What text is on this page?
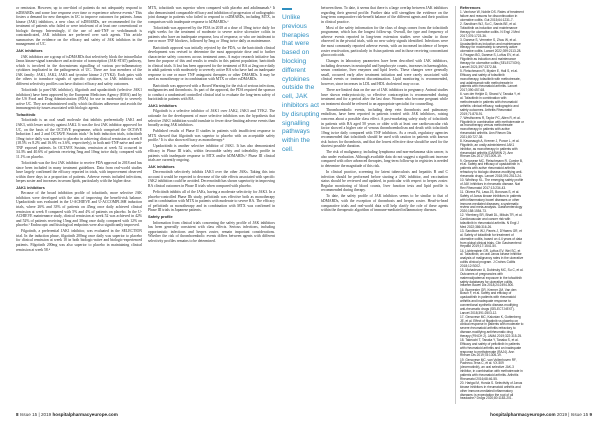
or remission. However, up to one-third of patients do not adequately respond to tsDMARDs and some lose response over time or experience adverse events.¹ This fosters a demand for new therapies in UC to improve outcomes for patients. Janus kinase (JAK) inhibitors, a new class of tsDMARDs, are recommended for the treatment of patients who failed or were intolerant of at least one conventional or biologic therapy. Interestingly, if the use of anti-TNF or vedolizumab is contraindicated, JAK inhibitors are preferred over such agents. This article summarises the evidence on the efficacy and safety of JAK inhibitors in the management of UC.

JAK inhibitors

JAK inhibitors are a group of tsDMARDs that selectively block the intracellular Janus kinase-signal transducer and activator of transcription (JAK-STAT) pathway, which is involved in the downstream signalling of various pro-inflammatory cytokines implicated in the pathogenesis of UC. There are four members of the JAK family: JAK1, JAK2, JAK3 and tyrosine kinase 2 (TYK2). Each pairs with the others to transduce signals of specific cytokines, so JAK inhibitors with different selectivity profiles can have distinct efficacy and safety outcomes.

Tofacitinib (a pan-JAK inhibitor), filgotinib and upadacitinib (selective JAK1 inhibitors) have been approved by the European Medicines Agency (EMA) and by the US Food and Drug Administration (FDA) for use in moderately to severely active UC. They are administered orally, which facilitates adherence and avoids the immunogenicity issues associated with biologic agents.

Tofacitinib

Tofacitinib is an oral small molecule that inhibits preferentially JAK1 and JAK3, with lesser activity against JAK2. It was the first JAK inhibitor approved for UC, on the basis of the OCTAVE programme, which comprised the OCTAVE Induction 1 and 2 and OCTAVE Sustain trials.² In both induction trials, tofacitinib 10mg twice daily was superior to placebo in achieving clinical remission at week 8 (18.5% vs 8.2% and 16.6% vs 3.6%, respectively), in both anti-TNF naïve and anti-TNF exposed patients. In OCTAVE Sustain, remission at week 52 occurred in 34.3% and 40.6% of patients receiving 5mg and 10mg twice daily, compared with 11.1% on placebo.

Tofacitinib was the first JAK inhibitor to receive FDA approval in 2018 and has since been included in many treatment guidelines. Data from real-world studies have largely confirmed the efficacy reported in trials, with improvement observed within three days in a proportion of patients. Adverse events included infections, herpes zoster and increases in serum lipids, particularly with the higher dose.

JAK1 inhibitors

Because of the broad inhibition profile of tofacitinib, more selective JAK inhibitors were developed with the aim of improving the benefit-risk balance. Upadacitinib was evaluated in the U-ACHIEVE and U-ACCOMPLISH induction trials, where 26% and 33% of patients on 45mg once daily achieved clinical remission at week 8 compared with 5% and 4% of patients on placebo. In the U-ACHIEVE maintenance study, clinical remission at week 52 was achieved in 42% and 52% of patients receiving 15mg and 30mg once daily, compared with 12% on placebo.³ Endoscopic and histological endpoints were also significantly improved.

Filgotinib, a preferential JAK1 inhibitor, was evaluated in the SELECTION trial. In the induction phase, filgotinib 200mg once daily was superior to placebo for clinical remission at week 10 in both biologic-naïve and biologic-experienced patients. Filgotinib 200mg was also superior to placebo in maintaining clinical remission at week 58.⁴

MTX, tofacitinib was superior when compared with placebo and adalimumab.⁵ It also demonstrated comparable efficacy and inhibition of progression of radiographic joint damage in patients who failed to respond to csDMARDs, including MTX, in comparison with inadequate response to bDMARDs.⁶

Tofacitinib was approved by the FDA in 2018 at a dose of 10mg twice daily for eight weeks for the treatment of moderate to severe active ulcerative colitis in patients who have an inadequate response, loss of response, or who are intolerant to one or more TNF blockers, followed by 5mg or 10mg twice daily as maintenance.

Baricitinib approval was initially rejected by the FDA, so the baricitinib clinical development was revised to determine the most appropriate dose and to further characterise safety concerns across treatment arms. A major research initiative has been the purpose of this and results to results in this patient population; baricitinib in clinical trials. It lost has been approved for the treatment of RA at 2mg once daily in adult patients with moderately to severely active RA who have had an inadequate response to one or more TNF antagonist therapies or other DMARDs. It may be used as monotherapy or in combination with MTX or other csDMARDs.

Baricitinib was approved with a Boxed Warning for the risk of serious infections, malignancies and thrombosis. As part of the approval, the FDA required the sponsor to conduct a randomised controlled clinical trial to evaluate the long-term safety of baricitinib in patients with RA.

JAK1 inhibitors

Filgotinib is a selective inhibitor of JAK1 over JAK2, JAK3 and TYK2. The rationale for the development of more selective inhibitors was the hypothesis that selective JAK1 inhibition would translate to fewer dose-limiting adverse events than broadly acting JAK inhibitors.

Published results of Phase II studies in patients with insufficient response to MTX showed that filgotinib was superior to placebo with an acceptable safety profile.⁷ It is also shown efficacy as monotherapy.⁸

Upadacitinib is another selective inhibitor of JAK1. It has also demonstrated efficacy in Phase III trials, within favourable safety and tolerability profile in patients with inadequate response to MTX and/or bDMARDs.⁹ Phase III clinical trials are currently ongoing.

JAK inhibitors

Decernotinib selectively inhibits JAK3 over the other JAKs. Taking this into account it would be expected to decrease of the side effects associated with specific JAK2 inhibition could be avoided. Decernotinib has shown superiority in improving RA clinical outcomes in Phase II trials when compared with placebo.

Peficitinib inhibits all of the JAKs, having a moderate selectivity for JAK3. In a placebo-controlled Phase IIb study, peficitinib was effective both as monotherapy and in combination with MTX in patients with moderate to severe RA. The efficacy of peficitinib as monotherapy and in combination with MTX was confirmed in Phase III trials in Japanese patients.

Safety profile

Information from clinical trials concerning the safety profile of JAK inhibitors has been generally consistent with class effects. Serious infections, including opportunistic infections and herpes zoster, remain important considerations. Whether the risk of thromboembolic events differs between agents with different selectivity profiles remains to be determined.

Unlike previous therapies that were based on blocking different cytokines outside the cell, JAK inhibitors act by disrupting signalling pathways within the cell.

between them. To date, it seems that there is a large overlap between JAK inhibitors regarding their general profile. Further data will strengthen the evidence on the long-term comparative risk-benefit balance of the different agents and their position in clinical practice.

Most of the safety information for the class of drugs comes from the tofacitinib programme, which has the longest follow-up. Overall, the type and frequency of adverse events reported in long-term extension studies were similar to those observed in the pivotal trials, with no new safety signals identified. Infections were the most commonly reported adverse events, with an increased incidence of herpes zoster reactivation, particularly in Asian patients and in those receiving concomitant glucocorticoids.

Changes in laboratory parameters have been described with JAK inhibitors, including decreases in neutrophil and lymphocyte counts, increases in haemoglobin, serum creatinine, liver enzymes and lipid levels. These changes were generally small, occurred early after treatment initiation and were rarely associated with clinical events or treatment discontinuation. Lipid monitoring is recommended, however, since increases in LDL and HDL cholesterol may occur.

There are limited data on the use of JAK inhibitors in pregnancy. Animal studies have shown embryotoxicity, so effective contraception is recommended during treatment and for a period after the last dose. Women who become pregnant while on treatment should be referred to an appropriate specialist for counselling.

Thromboembolic events, including deep vein thrombosis and pulmonary embolism, have been reported in patients treated with JAK inhibitors, raising concerns about a possible class effect. A post-marketing safety study of tofacitinib in patients with RA aged 50 years or older with at least one cardiovascular risk factor showed a higher rate of venous thromboembolism and death with tofacitinib 10mg twice daily compared with TNF inhibitors. As a result, regulatory agencies recommended that tofacitinib should be used with caution in patients with known risk factors for thrombosis, and that the lowest effective dose should be used for the shortest possible duration.

The risk of malignancy, including lymphoma and non-melanoma skin cancer, is also under evaluation. Although available data do not suggest a significant increase compared with other advanced therapies, long-term follow-up in registries is needed to determine the magnitude of this risk.

In clinical practice, screening for latent tuberculosis and hepatitis B and C infection should be performed before starting a JAK inhibitor, and vaccination status should be reviewed and updated, in particular with respect to herpes zoster. Regular monitoring of blood counts, liver function tests and lipid profile is recommended during therapy.

To date, the safety profile of JAK inhibitors seems to be similar to that of bDMARDs, with the exception of thrombosis and herpes zoster. Head-to-head comparative trials and real-world data will help clarify the role of these agents within the therapeutic algorithm of immune-mediated inflammatory diseases.

References
1. Vanhove W, Nobile DS. Rates of treatment failure and reasons for discontinuation in ulcerative colitis. Gut 2015;64:1231-7.
2. Sandborn WJ, Su C, Sands BE, et al. Tofacitinib as induction and maintenance therapy for ulcerative colitis. N Engl J Med 2017;376:1723-36.
3. Danese S, Vermeire S, Zhou W, et al. Upadacitinib as induction and maintenance therapy for moderately to severely active ulcerative colitis. Lancet 2022;399:2113-28.
4. Feagan BG, Danese S, Loftus EV, et al. Filgotinib as induction and maintenance therapy for ulcerative colitis (SELECTION). Lancet 2021;397:2372-84.
5. Fleischmann R, Mysler E, Hall S, et al. Efficacy and safety of tofacitinib monotherapy, tofacitinib with methotrexate, and adalimumab with methotrexate in patients with rheumatoid arthritis. Lancet 2017;390:457-68.
6. van der Heijde D, Strand V, Tanaka Y, et al. Tofacitinib in combination with methotrexate in patients with rheumatoid arthritis: clinical efficacy, radiographic and safety outcomes. Arthritis Rheumatol 2019;71:878-91.
7. Westhovens R, Taylor PC, Alten R, et al. Filgotinib in combination with methotrexate or as monotherapy versus methotrexate monotherapy in patients with active rheumatoid arthritis. Ann Rheum Dis 2021;80:727-38.
8. Kavanaugh A, Kremer J, Ponce L, et al. Filgotinib, an orally administered JAK1 inhibitor, as monotherapy in patients with rheumatoid arthritis (DARWIN 2). Ann Rheum Dis 2017;76:1009-19.
9. Genovese MC, Fleischmann R, Combe B, et al. Safety and efficacy of upadacitinib in patients with active rheumatoid arthritis refractory to biologic disease-modifying anti-rheumatic drugs. Lancet 2018;391:2513-24.
10. Winthrop KL. The emerging safety profile of JAK inhibitors in rheumatic disease. Nat Rev Rheumatol 2017;13:234-43.
11. Olivera PA, Lasa JS, Bonovas S, et al. Safety of Janus kinase inhibitors in patients with inflammatory bowel diseases or other immune-mediated diseases: a systematic review and meta-analysis. Gastroenterology 2020;158:1554-73.
12. Ytterberg SR, Bhatt DL, Mikuls TR, et al. Cardiovascular and cancer risk with tofacitinib in rheumatoid arthritis. N Engl J Med 2022;386:316-26.
13. Sandborn WJ, Panés J, D'Haens GR, et al. Safety of tofacitinib for treatment of ulcerative colitis, based on 4.4 years of data from global clinical trials. Clin Gastroenterol Hepatol 2019;17:1541-50.
14. Lichtenstein GR, Loftus EV, Wei SC, et al. Tofacitinib, an oral Janus kinase inhibitor: analysis of malignancy rates in the ulcerative colitis clinical program. J Crohns Colitis 2018;12:S002.
15. Mahadevan U, Dubinsky MC, Su C, et al. Outcomes of pregnancies with maternal/paternal exposure in the tofacitinib safety databases for ulcerative colitis. Inflamm Bowel Dis 2018;24:2494-500.
16. Burmester GR, Kremer JM, Van den Bosch F, et al. Safety and efficacy of upadacitinib in patients with rheumatoid arthritis and inadequate response to conventional synthetic disease-modifying anti-rheumatic drugs (SELECT-NEXT). Lancet 2018;391:2503-12.
17. Genovese MC, Kalunian K, Gottenberg JE, et al. Effect of filgotinib vs placebo on clinical response in patients with moderate to severe rheumatoid arthritis refractory to disease-modifying antirheumatic drug therapy (FINCH 2). JAMA 2019;322:315-25.
18. Takeuchi T, Tanaka Y, Tanaka S, et al. Efficacy and safety of peficitinib in patients with rheumatoid arthritis and an inadequate response to methotrexate (RAJ4). Ann Rheum Dis 2019;78:1305-19.
19. Genovese MC, van Vollenhoven RF, Pacheco-Tena C, et al. VX-509 (decernotinib), an oral selective JAK-3 inhibitor, in combination with methotrexate in patients with rheumatoid arthritis. Arthritis Rheumatol 2016;68:46-55.
20. Harigai M, Honda S. Selectivity of Janus kinase inhibitors in rheumatoid arthritis and other immune-mediated inflammatory diseases: is expectation the root of all headache? Drugs 2020;80:1183-201.
8 Issue 15 | 2019 hospitalpharmacyeurope.com	hospitalpharmacyeurope.com 2019 | Issue 15 9
